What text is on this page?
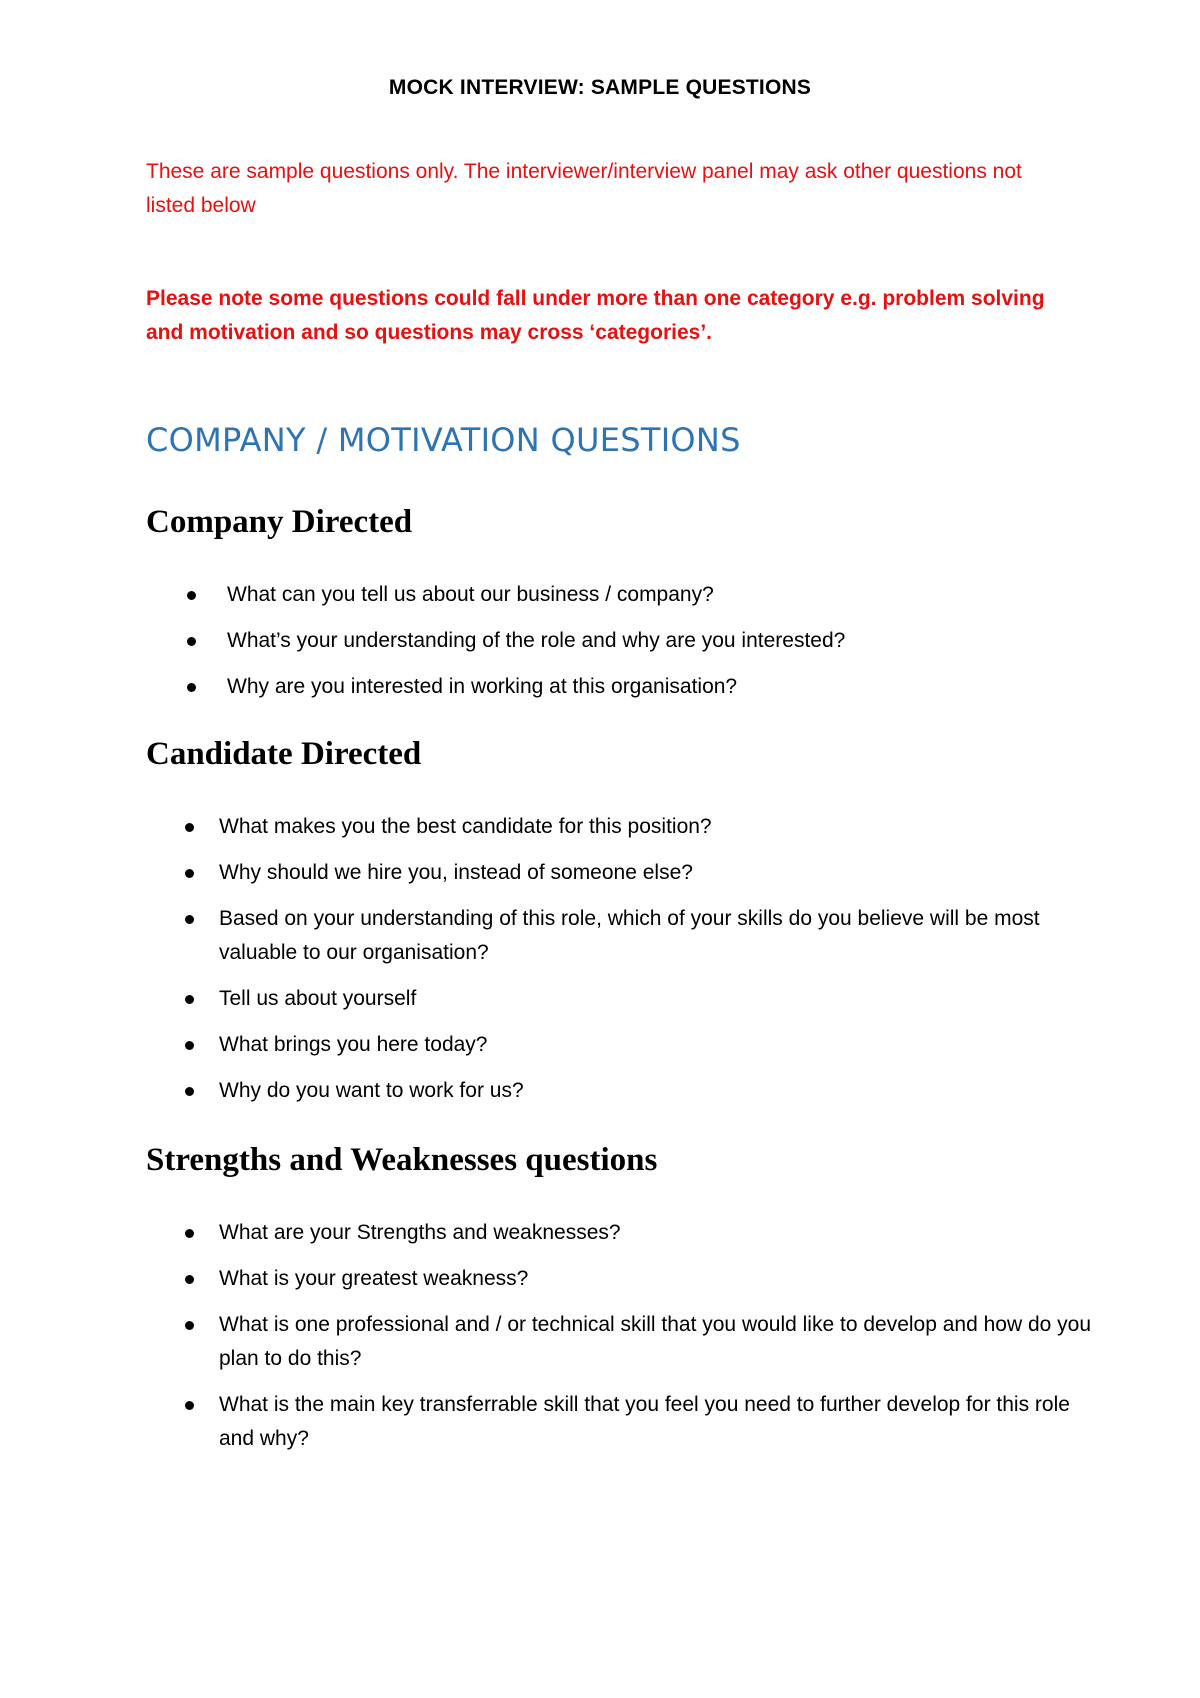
MOCK INTERVIEW: SAMPLE QUESTIONS
These are sample questions only. The interviewer/interview panel may ask other questions not listed below
Please note some questions could fall under more than one category e.g. problem solving and motivation and so questions may cross ‘categories’.
COMPANY / MOTIVATION QUESTIONS
Company Directed
What can you tell us about our business / company?
What’s your understanding of the role and why are you interested?
Why are you interested in working at this organisation?
Candidate Directed
What makes you the best candidate for this position?
Why should we hire you, instead of someone else?
Based on your understanding of this role, which of your skills do you believe will be most valuable to our organisation?
Tell us about yourself
What brings you here today?
Why do you want to work for us?
Strengths and Weaknesses questions
What are your Strengths and weaknesses?
What is your greatest weakness?
What is one professional and / or technical skill that you would like to develop and how do you plan to do this?
What is the main key transferrable skill that you feel you need to further develop for this role and why?
